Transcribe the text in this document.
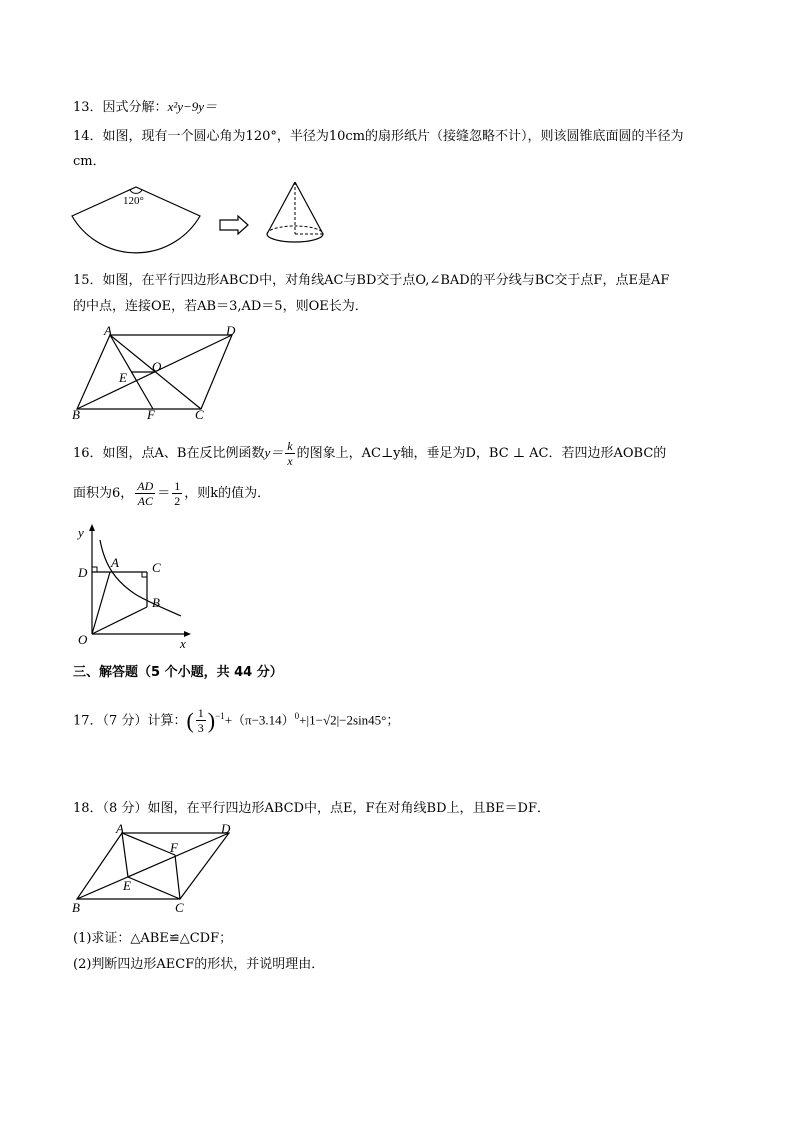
13．因式分解：x²y−9y＝
14．如图，现有一个圆心角为120°，半径为10cm的扇形纸片（接缝忽略不计），则该圆锥底面圆的半径为
cm．
120°
15．如图，在平行四边形ABCD中，对角线AC与BD交于点O,∠BAD的平分线与BC交于点F，点E是AF
的中点，连接OE，若AB＝3,AD＝5，则OE长为．
A	D
O
E
B	F	C
16．如图，点A、B在反比例函数$y= \frac{k}{x}$ 的图象上，AC⊥y轴，垂足为D，BC ⊥ AC．若四边形AOBC的
面积为6， $\frac{AD}{AC} = \frac{1}{2}$ ，则k的值为．
y
x
D
A	C
B
O
三、解答题（5 个小题，共 44 分）
17．（7 分）计算：( $\frac{1}{3} )^{-1}+(\pi-3.14)^0+|1-√2|-2\sin 45^\circ$；
18．（8 分）如图，在平行四边形ABCD中，点E，F在对角线BD上，且BE＝DF．
A	D
F
E
B	C
(1)求证：△ABE≌△CDF；
(2)判断四边形AECF的形状，并说明理由．
